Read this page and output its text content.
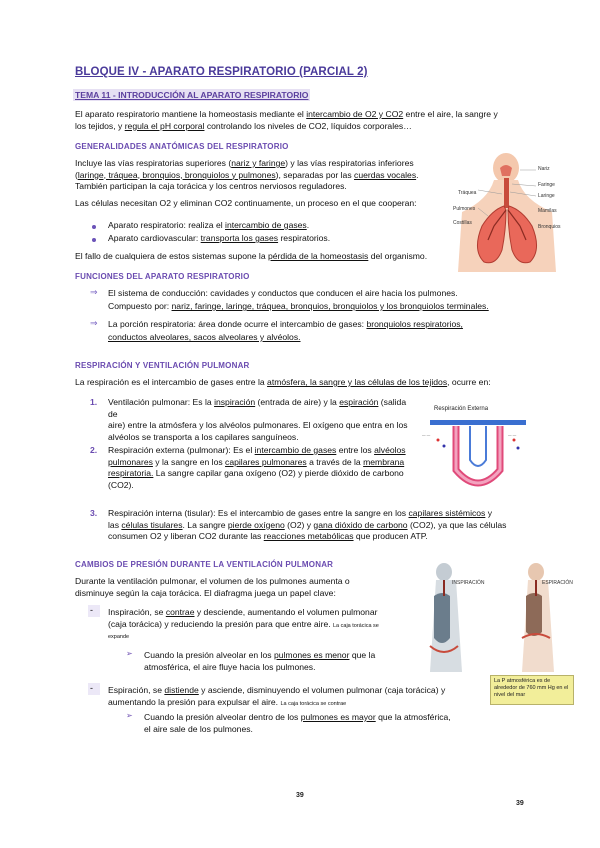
BLOQUE IV - APARATO RESPIRATORIO (PARCIAL 2)
TEMA 11 - INTRODUCCIÓN AL APARATO RESPIRATORIO
El aparato respiratorio mantiene la homeostasis mediante el intercambio de O2 y CO2 entre el aire, la sangre y
los tejidos, y regula el pH corporal controlando los niveles de CO2, líquidos corporales…
GENERALIDADES ANATÓMICAS DEL RESPIRATORIO
Incluye las vías respiratorias superiores (nariz y faringe) y las vías respiratorias inferiores
(laringe, tráquea, bronquios, bronquiolos y pulmones), separadas por las cuerdas vocales.
También participan la caja torácica y los centros nerviosos reguladores.
Las células necesitan O2 y eliminan CO2 continuamente, un proceso en el que cooperan:
Aparato respiratorio: realiza el intercambio de gases.
Aparato cardiovascular: transporta los gases respiratorios.
El fallo de cualquiera de estos sistemas supone la pérdida de la homeostasis del organismo.
Nariz
Faringe
Laringe
Tráquea
Pulmones	Mamilas
Costillas
Bronquios
FUNCIONES DEL APARATO RESPIRATORIO
⇒ El sistema de conducción: cavidades y conductos que conducen el aire hacia los pulmones.
Compuesto por: nariz, faringe, laringe, tráquea, bronquios, bronquiolos y los bronquiolos terminales.
⇒ La porción respiratoria: área donde ocurre el intercambio de gases: bronquiolos respiratorios,
conductos alveolares, sacos alveolares y alvéolos.
RESPIRACIÓN Y VENTILACIÓN PULMONAR
La respiración es el intercambio de gases entre la atmósfera, la sangre y las células de los tejidos, ocurre en:
1. Ventilación pulmonar: Es la inspiración (entrada de aire) y la espiración (salida de
aire) entre la atmósfera y los alvéolos pulmonares. El oxígeno que entra en los
alvéolos se transporta a los capilares sanguíneos.
2. Respiración externa (pulmonar): Es el intercambio de gases entre los alvéolos
pulmonares y la sangre en los capilares pulmonares a través de la membrana
respiratoria. La sangre capilar gana oxígeno (O2) y pierde dióxido de carbono
(CO2).
3. Respiración interna (tisular): Es el intercambio de gases entre la sangre en los capilares sistémicos y
las células tisulares. La sangre pierde oxígeno (O2) y gana dióxido de carbono (CO2), ya que las células
consumen O2 y liberan CO2 durante las reacciones metabólicas que producen ATP.
Respiración Externa
— —	— —
CAMBIOS DE PRESIÓN DURANTE LA VENTILACIÓN PULMONAR
Durante la ventilación pulmonar, el volumen de los pulmones aumenta o
disminuye según la caja torácica. El diafragma juega un papel clave:
- Inspiración, se contrae y desciende, aumentando el volumen pulmonar
(caja torácica) y reduciendo la presión para que entre aire. La caja torácica se
expande
➢ Cuando la presión alveolar en los pulmones es menor que la
atmosférica, el aire fluye hacia los pulmones.
- Espiración, se distiende y asciende, disminuyendo el volumen pulmonar (caja torácica) y
aumentando la presión para expulsar el aire. La caja torácica se contrae
➢ Cuando la presión alveolar dentro de los pulmones es mayor que la atmosférica,
el aire sale de los pulmones.
INSPIRACIÓN	ESPIRACIÓN
La P atmosférica es de alrededor de 760 mm Hg en el nivel del mar
39
39
